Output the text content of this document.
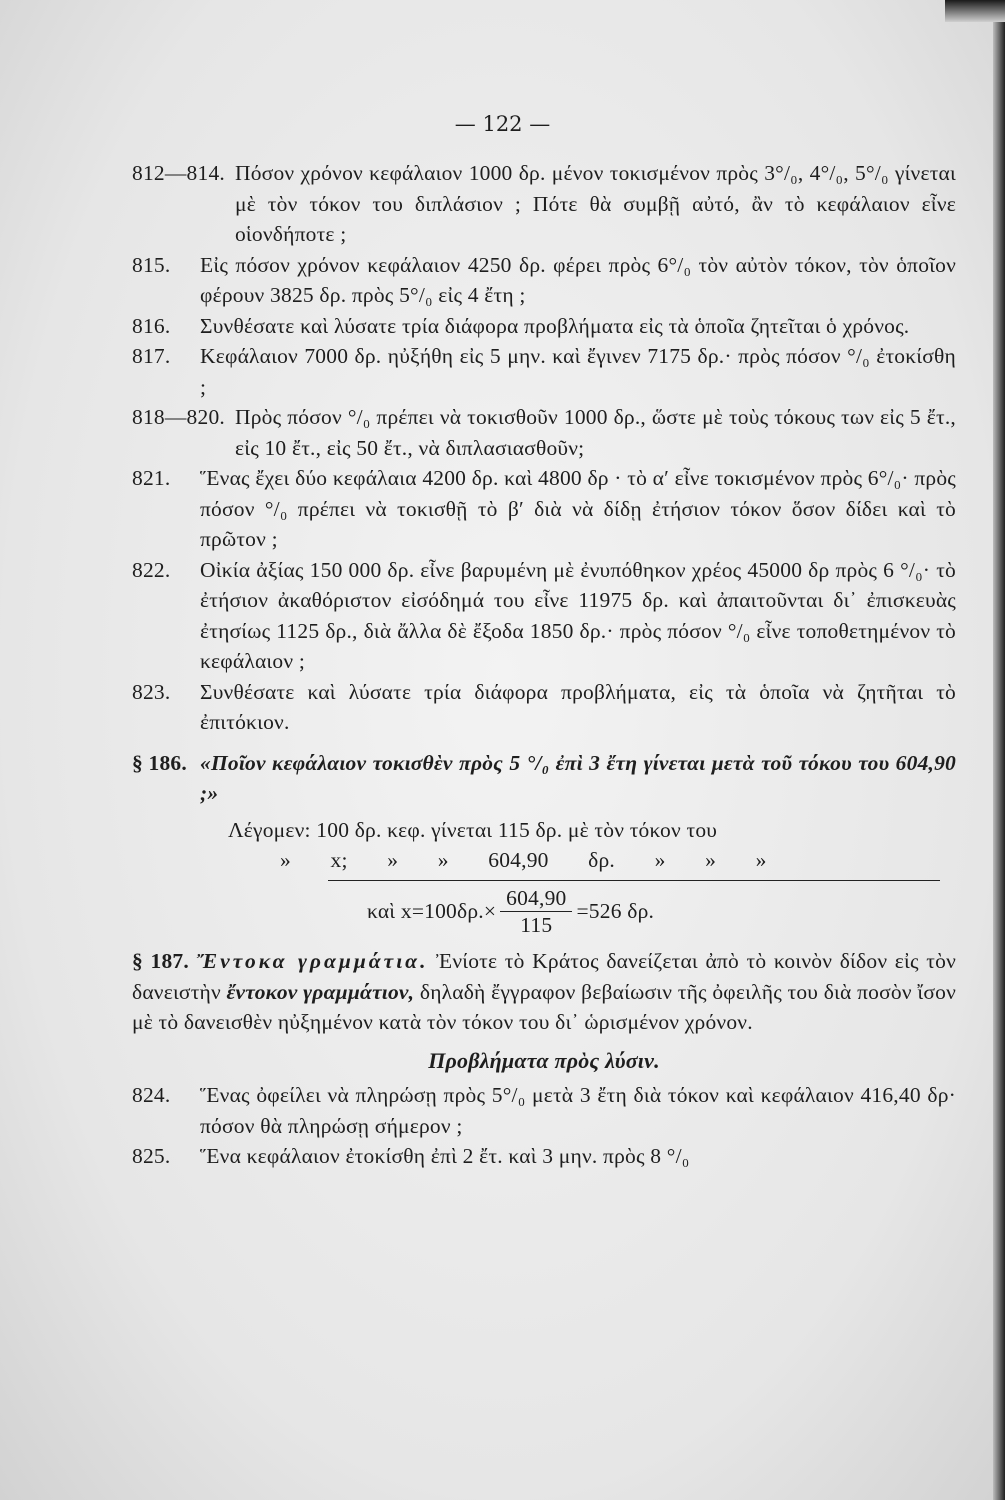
— 122 —
812—814. Πόσον χρόνον κεφάλαιον 1000 δρ. μένον τοκισμένον πρὸς 3°/₀, 4°/₀, 5°/₀ γίνεται μὲ τὸν τόκον του διπλάσιον ; Πότε θὰ συμβῇ αὐτό, ἂν τὸ κεφάλαιον εἶνε οἱονδήποτε ;
815.	Εἰς πόσον χρόνον κεφάλαιον 4250 δρ. φέρει πρὸς 6°/₀ τὸν αὐτὸν τόκον, τὸν ὁποῖον φέρουν 3825 δρ. πρὸς 5°/₀ εἰς 4 ἔτη ;
816.	Συνθέσατε καὶ λύσατε τρία διάφορα προβλήματα εἰς τὰ ὁποῖα ζητεῖται ὁ χρόνος.
817.	Κεφάλαιον 7000 δρ. ηὐξήθη εἰς 5 μην. καὶ ἔγινεν 7175 δρ.· πρὸς πόσον °/₀ ἐτοκίσθη ;
818—820. Πρὸς πόσον °/₀ πρέπει νὰ τοκισθοῦν 1000 δρ., ὥστε μὲ τοὺς τόκους των εἰς 5 ἔτ., εἰς 10 ἔτ., εἰς 50 ἔτ., νὰ διπλασιασθοῦν;
821.	Ἕνας ἔχει δύο κεφάλαια 4200 δρ. καὶ 4800 δρ · τὸ α′ εἶνε τοκισμένον πρὸς 6°/₀· πρὸς πόσον °/₀ πρέπει νὰ τοκισθῇ τὸ β′ διὰ νὰ δίδῃ ἐτήσιον τόκον ὅσον δίδει καὶ τὸ πρῶτον ;
822.	Οἰκία ἀξίας 150 000 δρ. εἶνε βαρυμένη μὲ ἐνυπόθηκον χρέος 45000 δρ πρὸς 6 °/₀· τὸ ἐτήσιον ἀκαθόριστον εἰσόδημά του εἶνε 11975 δρ. καὶ ἀπαιτοῦνται δι᾿ ἐπισκευὰς ἐτησίως 1125 δρ., διὰ ἄλλα δὲ ἔξοδα 1850 δρ.· πρὸς πόσον °/₀ εἶνε τοποθετημένον τὸ κεφάλαιον ;
823.	Συνθέσατε καὶ λύσατε τρία διάφορα προβλήματα, εἰς τὰ ὁποῖα νὰ ζητῆται τὸ ἐπιτόκιον.
§ 186. «Ποῖον κεφάλαιον τοκισθὲν πρὸς 5 °/₀ ἐπὶ 3 ἔτη γίνεται μετὰ τοῦ τόκου του 604,90 ;»
Λέγομεν: 100 δρ. κεφ. γίνεται 115 δρ. μὲ τὸν τόκον του
» x; » » 604,90 δρ. » » »
καὶ $x=100\delta\rho.\times \frac{604,90}{115} =526$ δρ.
§ 187. Ἔντοκα γραμμάτια. Ἐνίοτε τὸ Κράτος δανείζεται ἀπὸ τὸ κοινὸν δίδον εἰς τὸν δανειστὴν ἔντοκον γραμμάτιον, δηλαδὴ ἔγγραφον βεβαίωσιν τῆς ὀφειλῆς του διὰ ποσὸν ἴσον μὲ τὸ δανεισθὲν ηὐξημένον κατὰ τὸν τόκον του δι᾿ ὡρισμένον χρόνον.
Προβλήματα πρὸς λύσιν.
824.	Ἕνας ὀφείλει νὰ πληρώσῃ πρὸς 5°/₀ μετὰ 3 ἔτη διὰ τόκον καὶ κεφάλαιον 416,40 δρ· πόσον θὰ πληρώσῃ σήμερον ;
825.	Ἕνα κεφάλαιον ἐτοκίσθη ἐπὶ 2 ἔτ. καὶ 3 μην. πρὸς 8 °/₀
